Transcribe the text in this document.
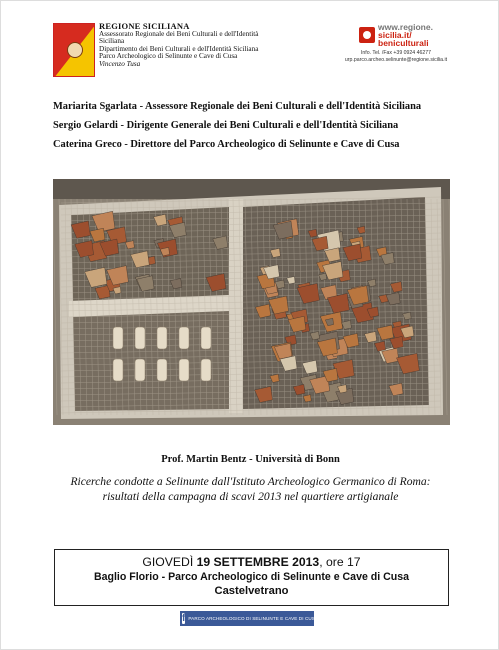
REGIONE SICILIANA
Assessorato Regionale dei Beni Culturali e dell'Identità
Siciliana
Dipartimento dei Beni Culturali e dell'Identità Siciliana
Parco Archeologico di Selinunte e Cave di Cusa
Vincenzo Tusa
www.regione.
sicilia.it/
beniculturali
Info. Tel. /Fax +39 0924 46277
urp.parco.archeo.selinunte@regione.sicilia.it
Mariarita Sgarlata - Assessore Regionale dei Beni Culturali e dell'Identità Siciliana
Sergio Gelardi - Dirigente Generale dei Beni Culturali e dell'Identità Siciliana
Caterina Greco - Direttore del Parco Archeologico di Selinunte e Cave di Cusa
Prof. Martin Bentz - Università di Bonn
Ricerche condotte a Selinunte dall'Istituto Archeologico Germanico di Roma:
risultati della campagna di scavi 2013 nel quartiere artigianale
GIOVEDÌ 19 SETTEMBRE 2013, ore 17
Baglio Florio - Parco Archeologico di Selinunte e Cave di Cusa
Castelvetrano
f PARCO ARCHEOLOGICO DI SELINUNTE E CAVE DI CUSA
